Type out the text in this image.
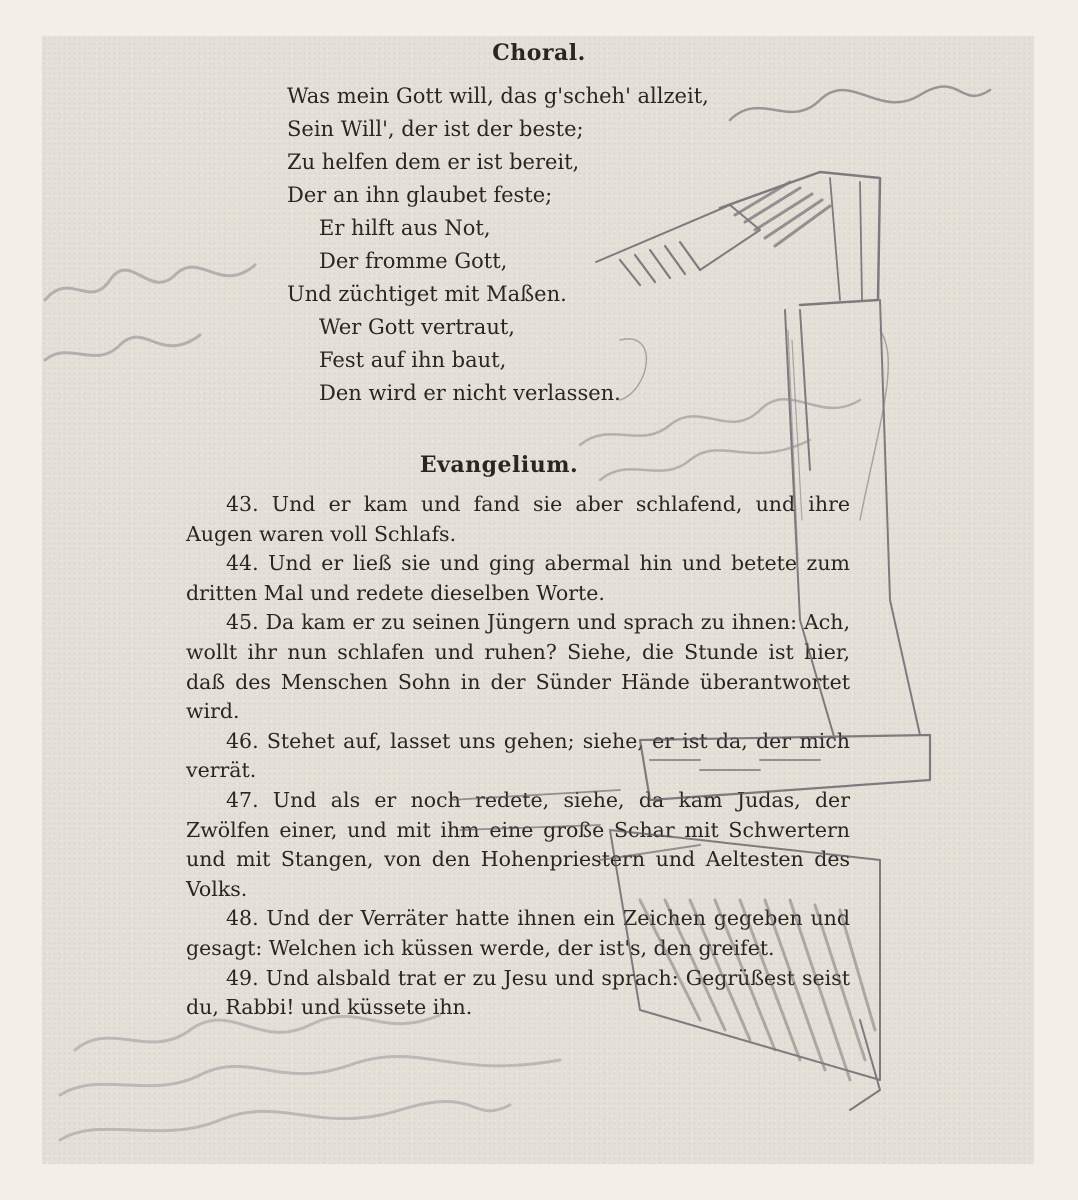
Choral.
Was mein Gott will, das g'scheh' allzeit,
Sein Will', der ist der beste;
Zu helfen dem er ist bereit,
Der an ihn glaubet feste;
Er hilft aus Not,
Der fromme Gott,
Und züchtiget mit Maßen.
Wer Gott vertraut,
Fest auf ihn baut,
Den wird er nicht verlassen.
Evangelium.

43. Und er kam und fand sie aber schlafend, und ihre Augen waren voll Schlafs.

44. Und er ließ sie und ging abermal hin und betete zum dritten Mal und redete dieselben Worte.

45. Da kam er zu seinen Jüngern und sprach zu ihnen: Ach, wollt ihr nun schlafen und ruhen? Siehe, die Stunde ist hier, daß des Menschen Sohn in der Sünder Hände überantwortet wird.

46. Stehet auf, lasset uns gehen; siehe, er ist da, der mich verrät.

47. Und als er noch redete, siehe, da kam Judas, der Zwölfen einer, und mit ihm eine große Schar mit Schwertern und mit Stangen, von den Hohenpriestern und Aeltesten des Volks.

48. Und der Verräter hatte ihnen ein Zeichen gegeben und gesagt: Welchen ich küssen werde, der ist's, den greifet.

49. Und alsbald trat er zu Jesu und sprach: Gegrüßest seist du, Rabbi! und küssete ihn.
